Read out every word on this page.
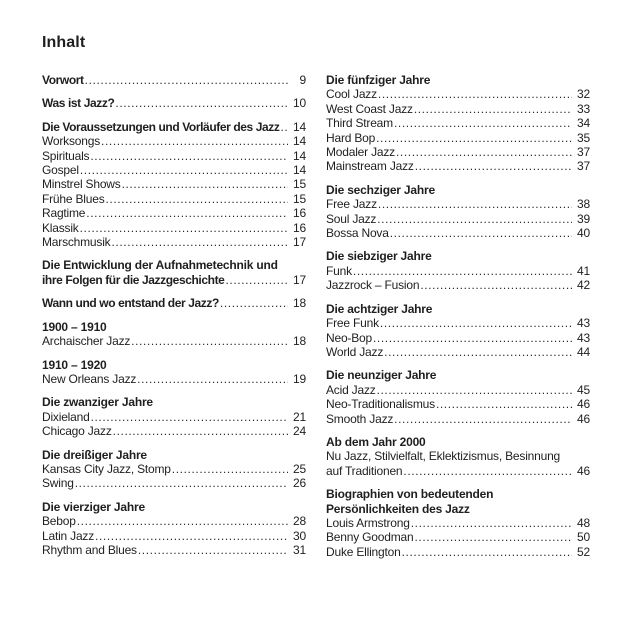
Inhalt
Vorwort .....	9
Was ist Jazz? .....	10
Die Voraussetzungen und Vorläufer des Jazz ..... 14
Worksongs .....	14
Spirituals .....	14
Gospel .....	14
Minstrel Shows .....	15
Frühe Blues .....	15
Ragtime .....	16
Klassik .....	16
Marschmusik .....	17
Die Entwicklung der Aufnahmetechnik und
ihre Folgen für die Jazzgeschichte .....	17
Wann und wo entstand der Jazz? .....	18
1900 – 1910
Archaischer Jazz .....	18
1910 – 1920
New Orleans Jazz .....	19
Die zwanziger Jahre
Dixieland .....	21
Chicago Jazz .....	24
Die dreißiger Jahre
Kansas City Jazz, Stomp .....	25
Swing .....	26
Die vierziger Jahre
Bebop .....	28
Latin Jazz .....	30
Rhythm and Blues .....	31
Die fünfziger Jahre
Cool Jazz .....	32
West Coast Jazz .....	33
Third Stream .....	34
Hard Bop .....	35
Modaler Jazz .....	37
Mainstream Jazz .....	37
Die sechziger Jahre
Free Jazz .....	38
Soul Jazz .....	39
Bossa Nova .....	40
Die siebziger Jahre
Funk .....	41
Jazzrock – Fusion .....	42
Die achtziger Jahre
Free Funk .....	43
Neo-Bop .....	43
World Jazz .....	44
Die neunziger Jahre
Acid Jazz .....	45
Neo-Traditionalismus .....	46
Smooth Jazz .....	46
Ab dem Jahr 2000
Nu Jazz, Stilvielfalt, Eklektizismus, Besinnung
auf Traditionen .....	46
Biographien von bedeutenden
Persönlichkeiten des Jazz
Louis Armstrong .....	48
Benny Goodman .....	50
Duke Ellington .....	52
